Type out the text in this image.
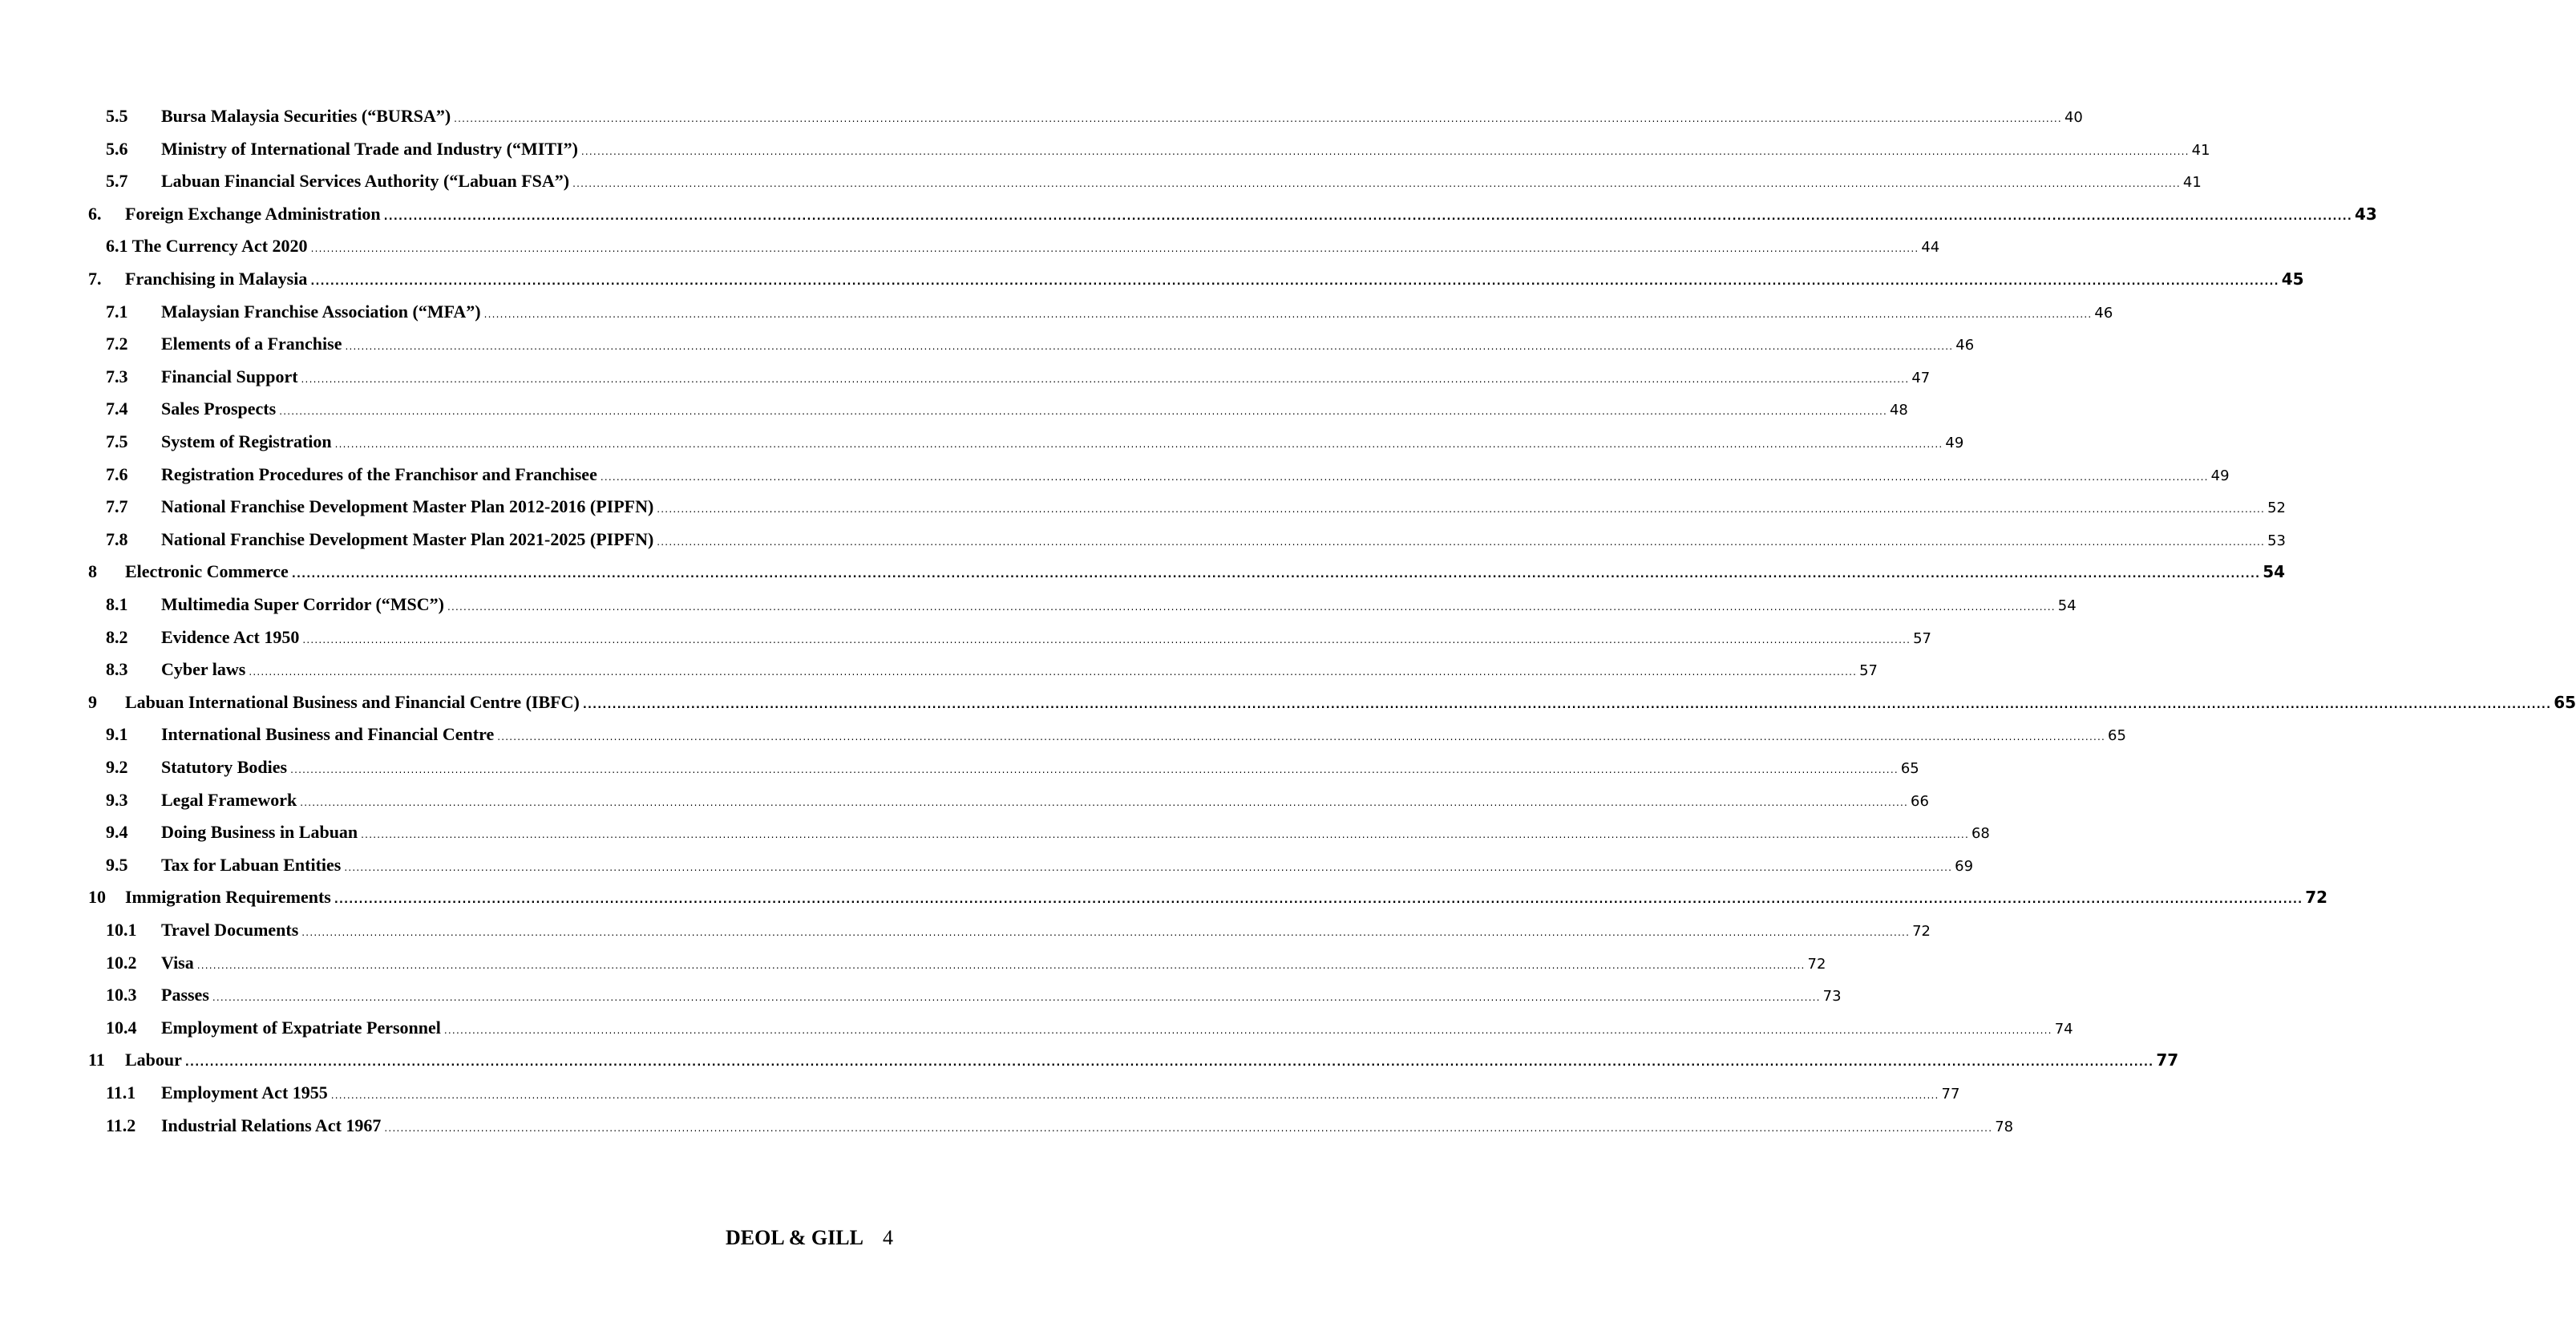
5.5	Bursa Malaysia Securities (“BURSA”) ................................................................................................................................................................................................................................................................................................................................................................................................................ 40
5.6	Ministry of International Trade and Industry (“MITI”) ................................................................................................................................................................................................................................................................................................................................................................................................................ 41
5.7	Labuan Financial Services Authority (“Labuan FSA”) ................................................................................................................................................................................................................................................................................................................................................................................................................ 41
6.	Foreign Exchange Administration ................................................................................................................................................................................................................................................................................................................................................................................................................ 43
6.1 The Currency Act 2020 ................................................................................................................................................................................................................................................................................................................................................................................................................ 44
7.	Franchising in Malaysia ................................................................................................................................................................................................................................................................................................................................................................................................................ 45
7.1	Malaysian Franchise Association (“MFA”) ................................................................................................................................................................................................................................................................................................................................................................................................................ 46
7.2	Elements of a Franchise ................................................................................................................................................................................................................................................................................................................................................................................................................ 46
7.3	Financial Support ................................................................................................................................................................................................................................................................................................................................................................................................................ 47
7.4	Sales Prospects ................................................................................................................................................................................................................................................................................................................................................................................................................ 48
7.5	System of Registration ................................................................................................................................................................................................................................................................................................................................................................................................................ 49
7.6	Registration Procedures of the Franchisor and Franchisee ................................................................................................................................................................................................................................................................................................................................................................................................................ 49
7.7	National Franchise Development Master Plan 2012-2016 (PIPFN) ................................................................................................................................................................................................................................................................................................................................................................................................................ 52
7.8	National Franchise Development Master Plan 2021-2025 (PIPFN) ................................................................................................................................................................................................................................................................................................................................................................................................................ 53
8	Electronic Commerce ................................................................................................................................................................................................................................................................................................................................................................................................................ 54
8.1	Multimedia Super Corridor (“MSC”) ................................................................................................................................................................................................................................................................................................................................................................................................................ 54
8.2	Evidence Act 1950 ................................................................................................................................................................................................................................................................................................................................................................................................................ 57
8.3	Cyber laws ................................................................................................................................................................................................................................................................................................................................................................................................................ 57
9	Labuan International Business and Financial Centre (IBFC) ................................................................................................................................................................................................................................................................................................................................................................................................................ 65
9.1	International Business and Financial Centre ................................................................................................................................................................................................................................................................................................................................................................................................................ 65
9.2	Statutory Bodies ................................................................................................................................................................................................................................................................................................................................................................................................................ 65
9.3	Legal Framework ................................................................................................................................................................................................................................................................................................................................................................................................................ 66
9.4	Doing Business in Labuan ................................................................................................................................................................................................................................................................................................................................................................................................................ 68
9.5	Tax for Labuan Entities ................................................................................................................................................................................................................................................................................................................................................................................................................ 69
10	Immigration Requirements ................................................................................................................................................................................................................................................................................................................................................................................................................ 72
10.1	Travel Documents ................................................................................................................................................................................................................................................................................................................................................................................................................ 72
10.2	Visa ................................................................................................................................................................................................................................................................................................................................................................................................................ 72
10.3	Passes ................................................................................................................................................................................................................................................................................................................................................................................................................ 73
10.4	Employment of Expatriate Personnel ................................................................................................................................................................................................................................................................................................................................................................................................................ 74
11	Labour ................................................................................................................................................................................................................................................................................................................................................................................................................ 77
11.1	Employment Act 1955 ................................................................................................................................................................................................................................................................................................................................................................................................................ 77
11.2	Industrial Relations Act 1967 ................................................................................................................................................................................................................................................................................................................................................................................................................ 78
DEOL & GILL 4
